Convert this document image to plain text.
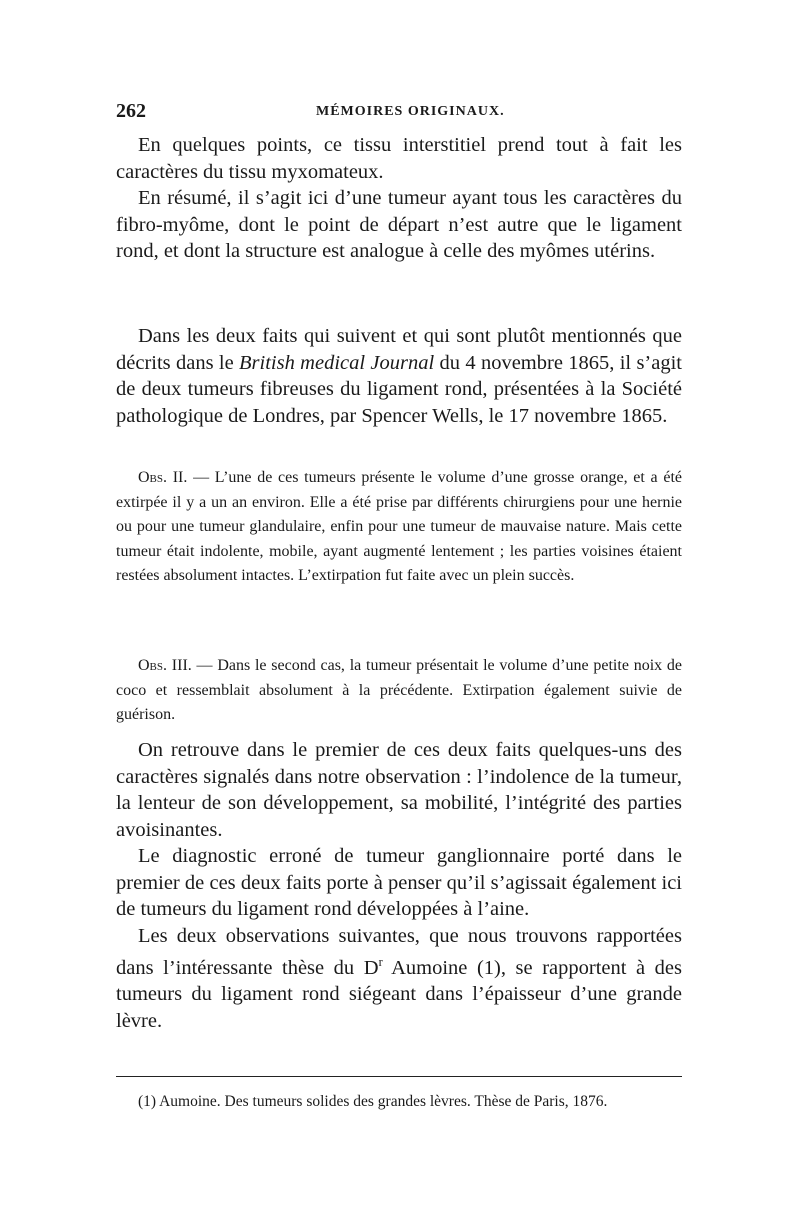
262	MÉMOIRES ORIGINAUX.

En quelques points, ce tissu interstitiel prend tout à fait les caractères du tissu myxomateux.

En résumé, il s’agit ici d’une tumeur ayant tous les caractères du fibro-myôme, dont le point de départ n’est autre que le ligament rond, et dont la structure est analogue à celle des myômes utérins.

Dans les deux faits qui suivent et qui sont plutôt mentionnés que décrits dans le British medical Journal du 4 novembre 1865, il s’agit de deux tumeurs fibreuses du ligament rond, présentées à la Société pathologique de Londres, par Spencer Wells, le 17 novembre 1865.

Obs. II. — L’une de ces tumeurs présente le volume d’une grosse orange, et a été extirpée il y a un an environ. Elle a été prise par différents chirurgiens pour une hernie ou pour une tumeur glandulaire, enfin pour une tumeur de mauvaise nature. Mais cette tumeur était indolente, mobile, ayant augmenté lentement ; les parties voisines étaient restées absolument intactes. L’extirpation fut faite avec un plein succès.

Obs. III. — Dans le second cas, la tumeur présentait le volume d’une petite noix de coco et ressemblait absolument à la précédente. Extirpation également suivie de guérison.

On retrouve dans le premier de ces deux faits quelques-uns des caractères signalés dans notre observation : l’indolence de la tumeur, la lenteur de son développement, sa mobilité, l’intégrité des parties avoisinantes.

Le diagnostic erroné de tumeur ganglionnaire porté dans le premier de ces deux faits porte à penser qu’il s’agissait également ici de tumeurs du ligament rond développées à l’aine.

Les deux observations suivantes, que nous trouvons rapportées dans l’intéressante thèse du $D^r$ Aumoine (1), se rapportent à des tumeurs du ligament rond siégeant dans l’épaisseur d’une grande lèvre.

(1) Aumoine. Des tumeurs solides des grandes lèvres. Thèse de Paris, 1876.
